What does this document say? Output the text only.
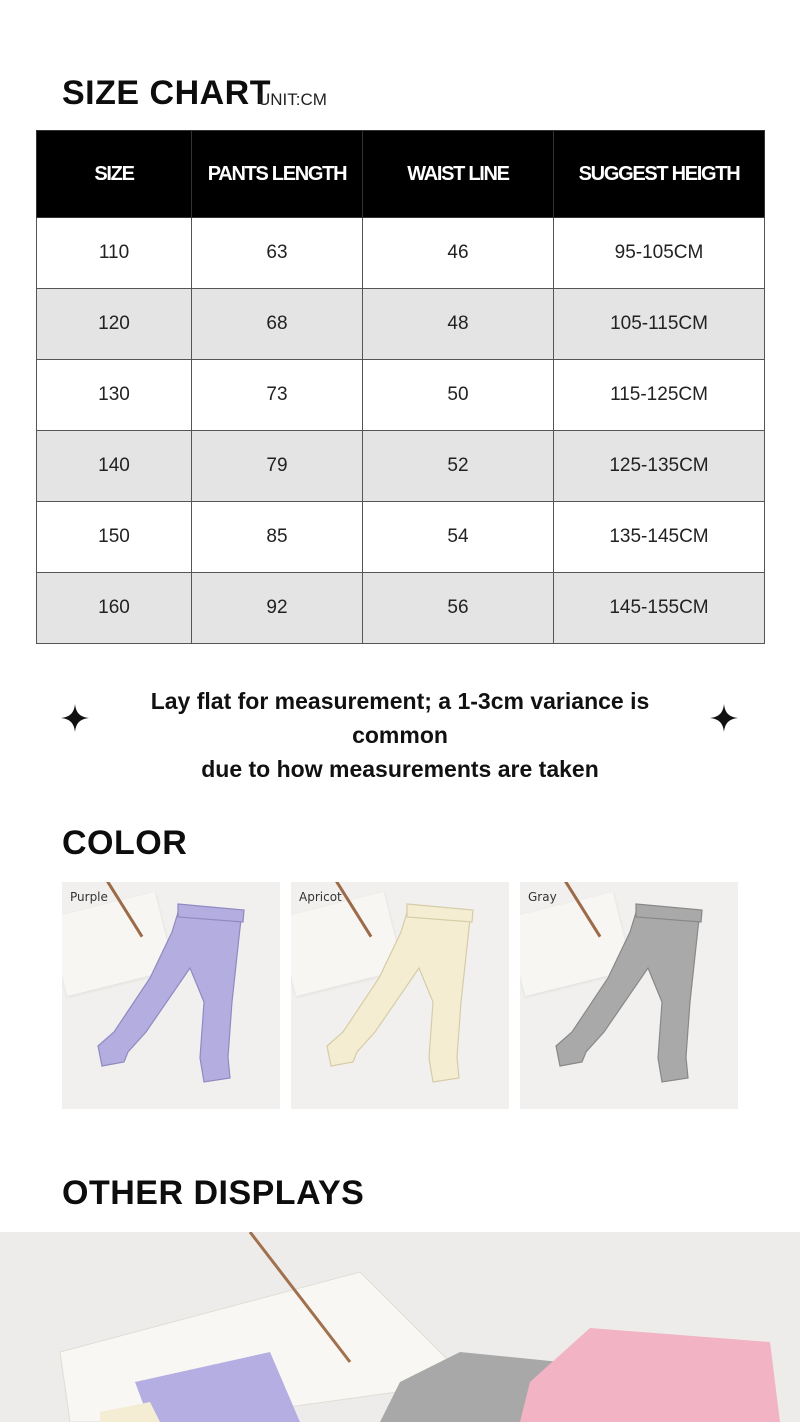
SIZE CHART
UNIT:CM
SIZE	PANTS LENGTH	WAIST LINE	SUGGEST HEIGTH
110	63	46	95-105CM
120	68	48	105-115CM
130	73	50	115-125CM
140	79	52	125-135CM
150	85	54	135-145CM
160	92	56	145-155CM

Lay flat for measurement; a 1-3cm variance is common
due to how measurements are taken

COLOR
Purple	Apricot	Gray
OTHER DISPLAYS
